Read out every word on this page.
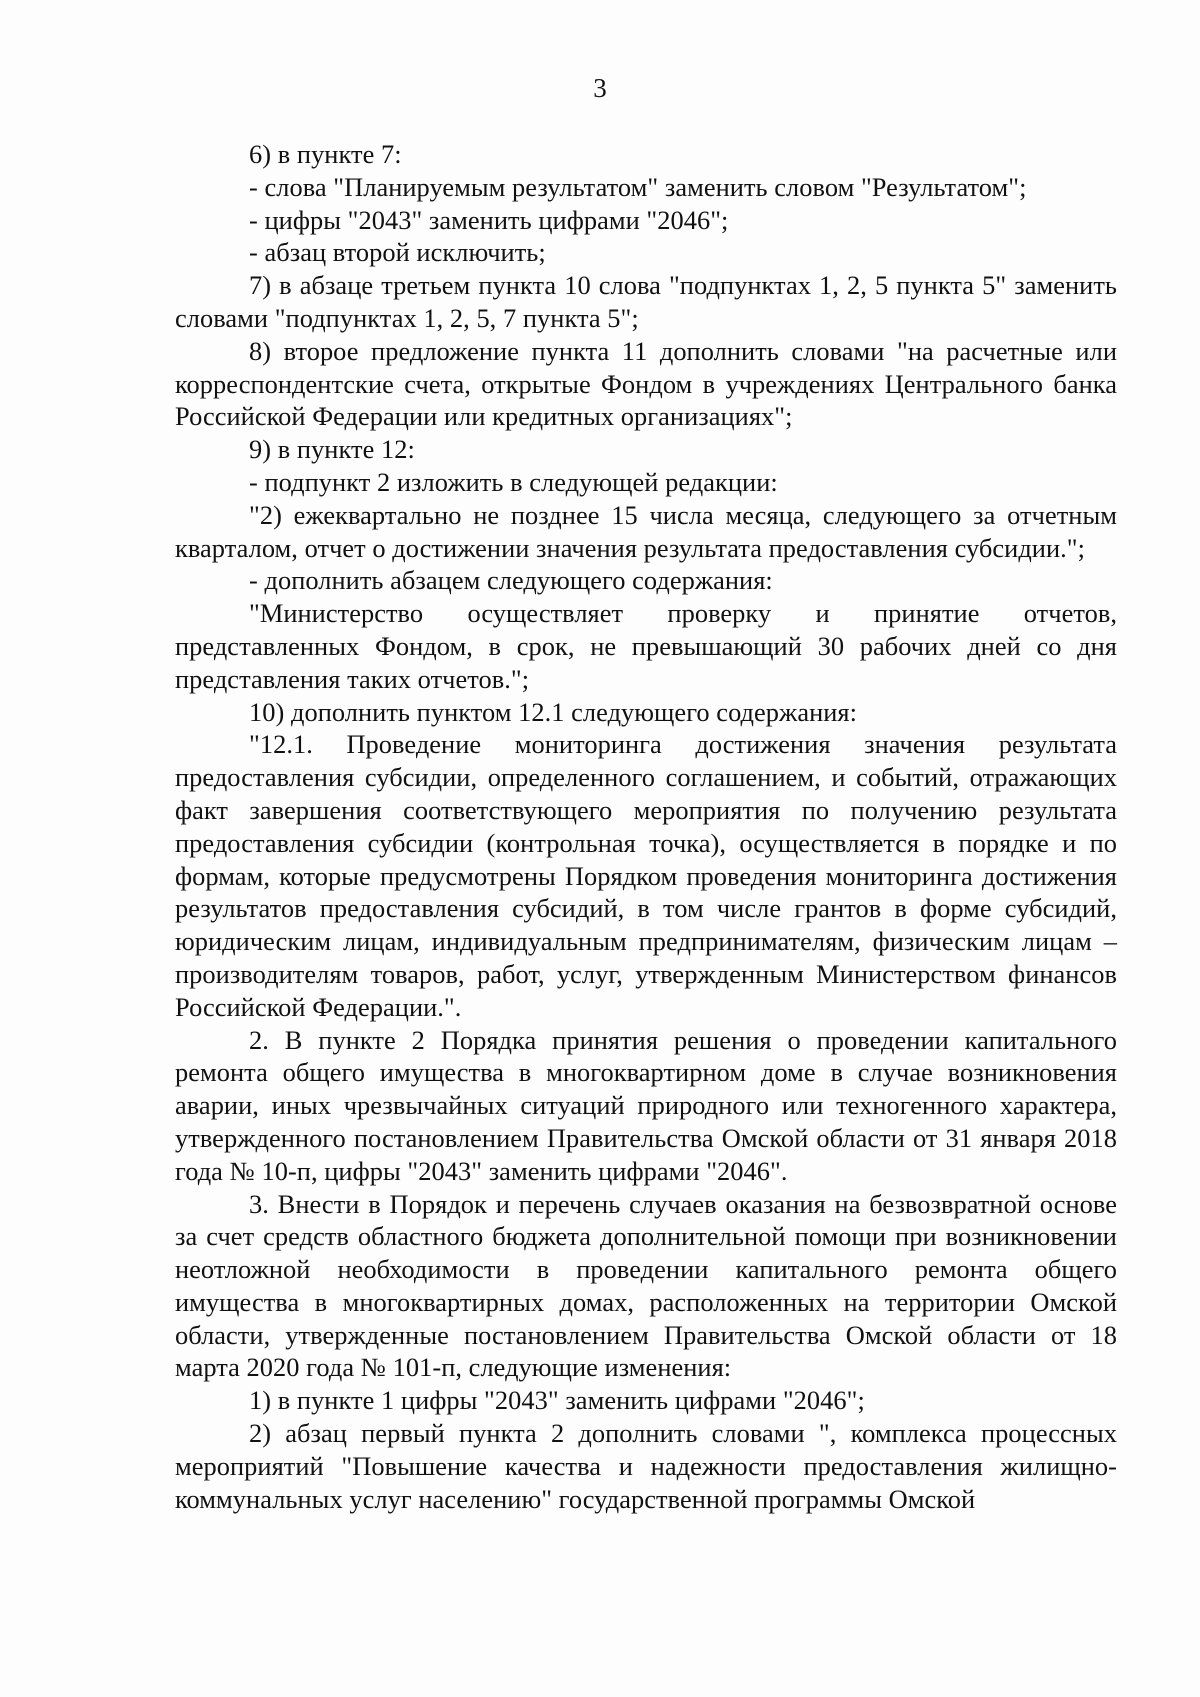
3

6) в пункте 7:

- слова "Планируемым результатом" заменить словом "Результатом";

- цифры "2043" заменить цифрами "2046";

- абзац второй исключить;

7) в абзаце третьем пункта 10 слова "подпунктах 1, 2, 5 пункта 5" заменить словами "подпунктах 1, 2, 5, 7 пункта 5";

8) второе предложение пункта 11 дополнить словами "на расчетные или корреспондентские счета, открытые Фондом в учреждениях Центрального банка Российской Федерации или кредитных организациях";

9) в пункте 12:

- подпункт 2 изложить в следующей редакции:

"2) ежеквартально не позднее 15 числа месяца, следующего за отчетным кварталом, отчет о достижении значения результата предоставления субсидии.";

- дополнить абзацем следующего содержания:

"Министерство осуществляет проверку и принятие отчетов, представленных Фондом, в срок, не превышающий 30 рабочих дней со дня представления таких отчетов.";

10) дополнить пунктом 12.1 следующего содержания:

"12.1. Проведение мониторинга достижения значения результата предоставления субсидии, определенного соглашением, и событий, отражающих факт завершения соответствующего мероприятия по получению результата предоставления субсидии (контрольная точка), осуществляется в порядке и по формам, которые предусмотрены Порядком проведения мониторинга достижения результатов предоставления субсидий, в том числе грантов в форме субсидий, юридическим лицам, индивидуальным предпринимателям, физическим лицам – производителям товаров, работ, услуг, утвержденным Министерством финансов Российской Федерации.".

2. В пункте 2 Порядка принятия решения о проведении капитального ремонта общего имущества в многоквартирном доме в случае возникновения аварии, иных чрезвычайных ситуаций природного или техногенного характера, утвержденного постановлением Правительства Омской области от 31 января 2018 года № 10-п, цифры "2043" заменить цифрами "2046".

3. Внести в Порядок и перечень случаев оказания на безвозвратной основе за счет средств областного бюджета дополнительной помощи при возникновении неотложной необходимости в проведении капитального ремонта общего имущества в многоквартирных домах, расположенных на территории Омской области, утвержденные постановлением Правительства Омской области от 18 марта 2020 года № 101-п, следующие изменения:

1) в пункте 1 цифры "2043" заменить цифрами "2046";

2) абзац первый пункта 2 дополнить словами ", комплекса процессных мероприятий "Повышение качества и надежности предоставления жилищно-коммунальных услуг населению" государственной программы Омской
